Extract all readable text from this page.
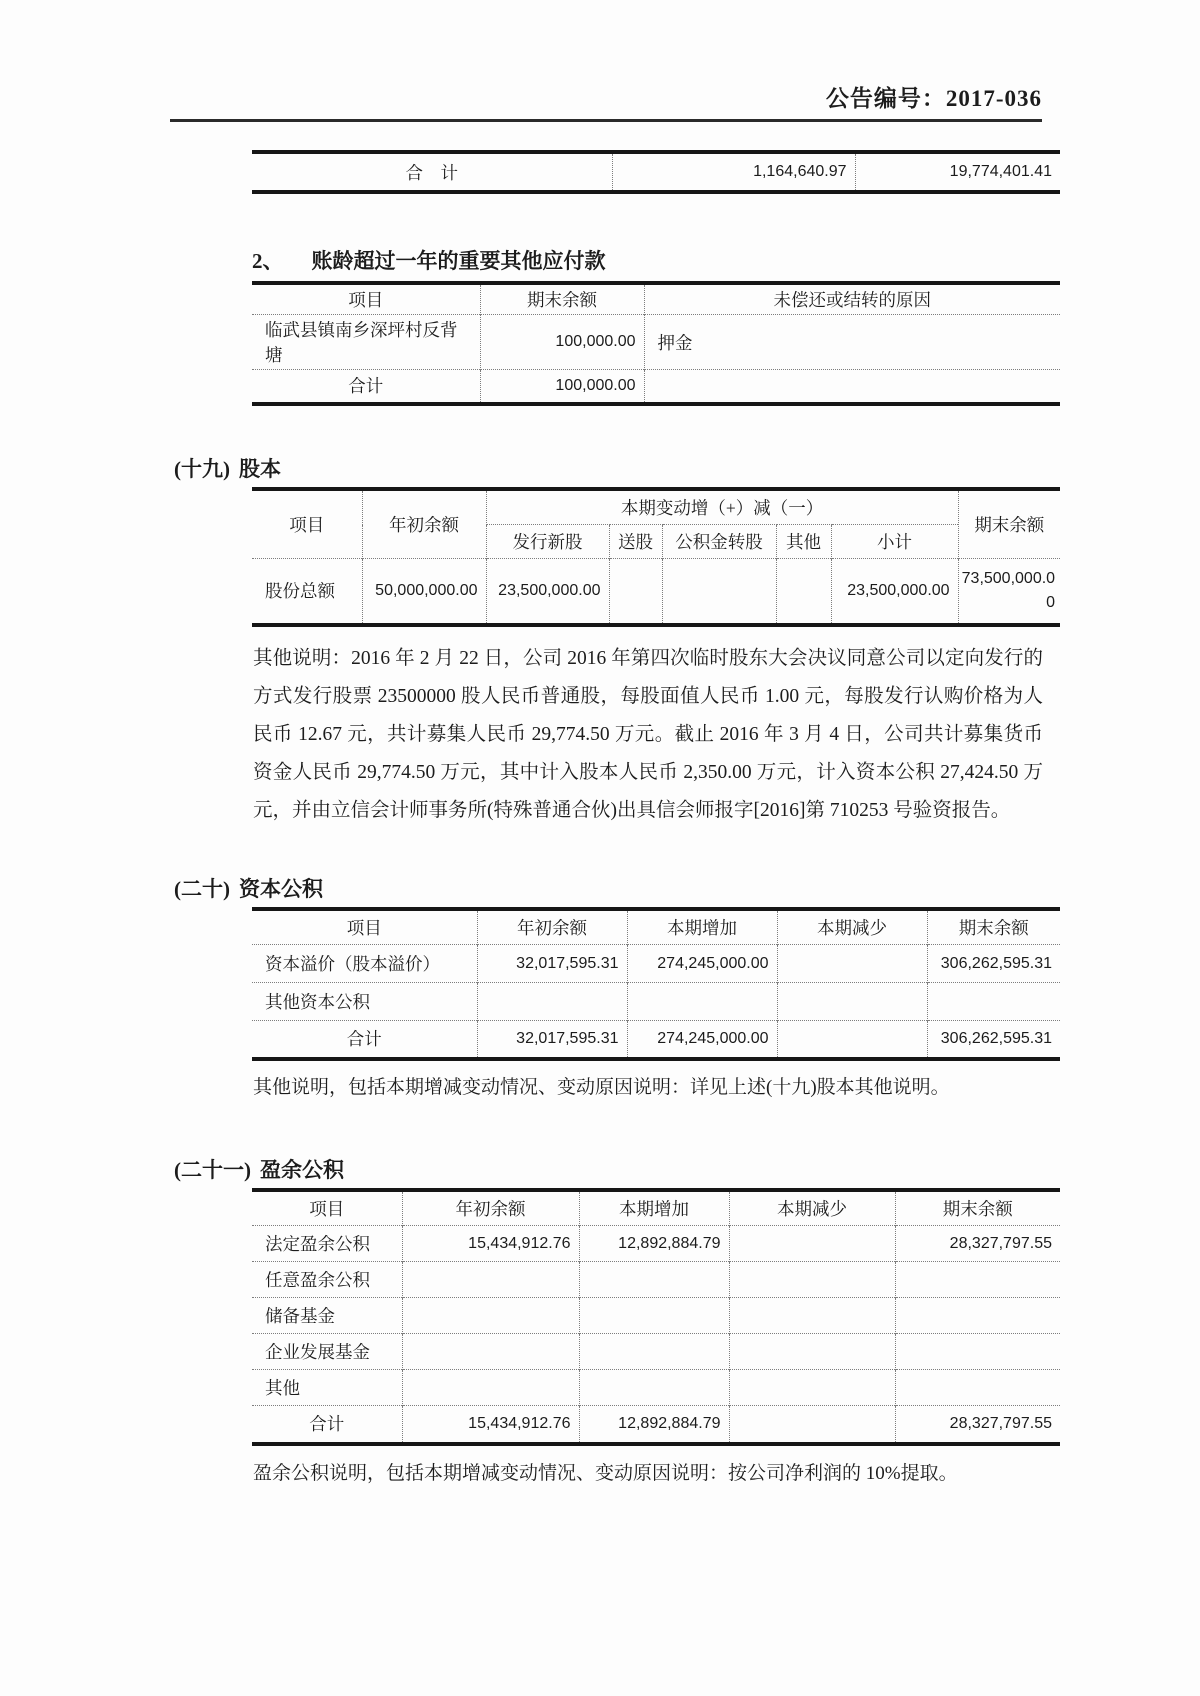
公告编号：2017-036
合　计	1,164,640.97	19,774,401.41
2、 账龄超过一年的重要其他应付款
项目	期末余额	未偿还或结转的原因
临武县镇南乡深坪村反背塘	100,000.00	押金
合计	100,000.00	
(十九) 股本
项目	年初余额	本期变动增（+）减（一）					期末余额
		发行新股	送股	公积金转股	其他	小计	
股份总额	50,000,000.00	23,500,000.00				23,500,000.00	73,500,000.00
其他说明：2016 年 2 月 22 日，公司 2016 年第四次临时股东大会决议同意公司以定向发行的方式发行股票 23500000 股人民币普通股，每股面值人民币 1.00 元，每股发行认购价格为人民币 12.67 元，共计募集人民币 29,774.50 万元。截止 2016 年 3 月 4 日，公司共计募集货币资金人民币 29,774.50 万元，其中计入股本人民币 2,350.00 万元，计入资本公积 27,424.50 万元，并由立信会计师事务所(特殊普通合伙)出具信会师报字[2016]第 710253 号验资报告。
(二十) 资本公积
项目	年初余额	本期增加	本期减少	期末余额
资本溢价（股本溢价）	32,017,595.31	274,245,000.00		306,262,595.31
其他资本公积				
合计	32,017,595.31	274,245,000.00		306,262,595.31
其他说明，包括本期增减变动情况、变动原因说明：详见上述(十九)股本其他说明。
(二十一) 盈余公积
项目	年初余额	本期增加	本期减少	期末余额
法定盈余公积	15,434,912.76	12,892,884.79		28,327,797.55
任意盈余公积				
储备基金				
企业发展基金				
其他				
合计	15,434,912.76	12,892,884.79		28,327,797.55
盈余公积说明，包括本期增减变动情况、变动原因说明：按公司净利润的 10%提取。
